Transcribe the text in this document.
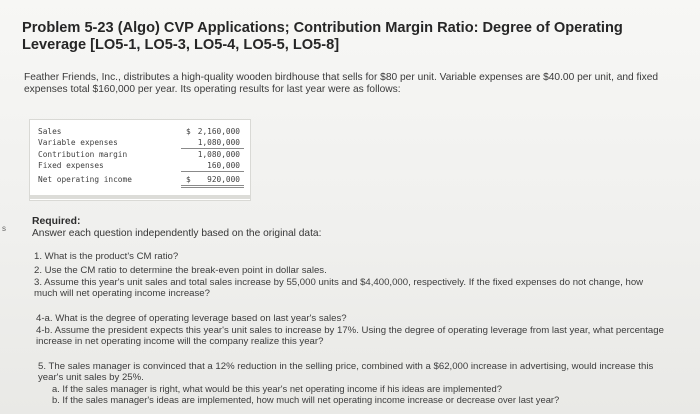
s
Problem 5-23 (Algo) CVP Applications; Contribution Margin Ratio: Degree of Operating Leverage [LO5-1, LO5-3, LO5-4, LO5-5, LO5-8]
Feather Friends, Inc., distributes a high-quality wooden birdhouse that sells for $80 per unit. Variable expenses are $40.00 per unit, and fixed expenses total $160,000 per year. Its operating results for last year were as follows:
Sales	$ 2,160,000
Variable expenses	1,080,000
Contribution margin	1,080,000
Fixed expenses	160,000
Net operating income	$ 920,000
Required:
Answer each question independently based on the original data:
1. What is the product's CM ratio?
2. Use the CM ratio to determine the break-even point in dollar sales.
3. Assume this year's unit sales and total sales increase by 55,000 units and $4,400,000, respectively. If the fixed expenses do not change, how much will net operating income increase?
4-a. What is the degree of operating leverage based on last year's sales?
4-b. Assume the president expects this year's unit sales to increase by 17%. Using the degree of operating leverage from last year, what percentage increase in net operating income will the company realize this year?
5. The sales manager is convinced that a 12% reduction in the selling price, combined with a $62,000 increase in advertising, would increase this year's unit sales by 25%.
a. If the sales manager is right, what would be this year's net operating income if his ideas are implemented?
b. If the sales manager's ideas are implemented, how much will net operating income increase or decrease over last year?
